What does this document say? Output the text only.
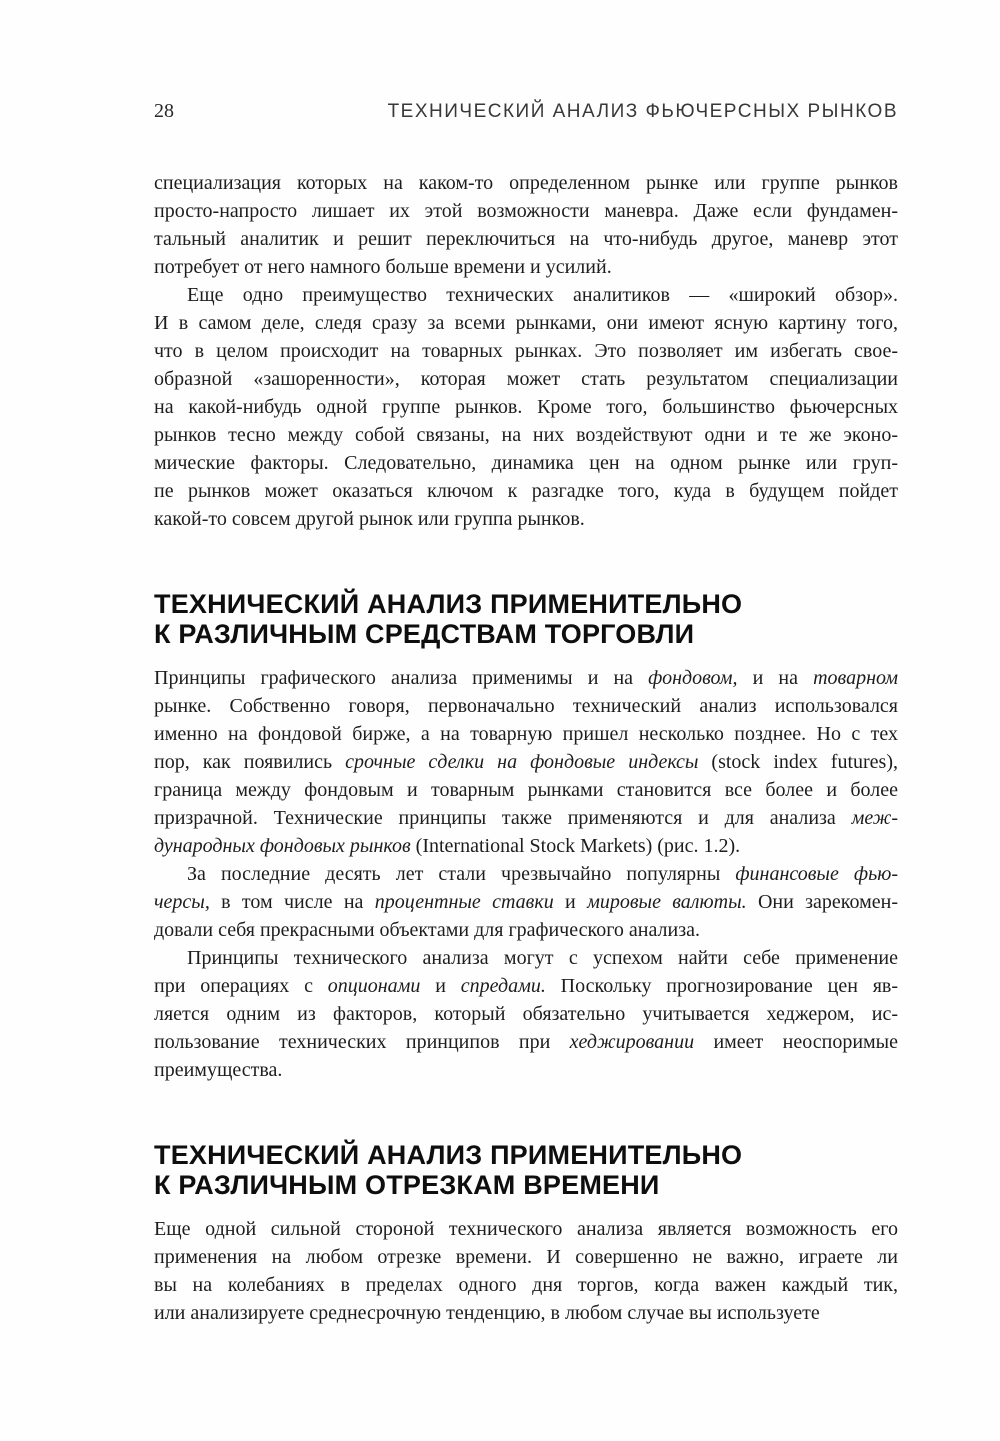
28	ТЕХНИЧЕСКИЙ АНАЛИЗ ФЬЮЧЕРСНЫХ РЫНКОВ
специализация которых на каком-то определенном рынке или группе рынков
просто-напросто лишает их этой возможности маневра. Даже если фундамен-
тальный аналитик и решит переключиться на что-нибудь другое, маневр этот
потребует от него намного больше времени и усилий.
Еще одно преимущество технических аналитиков — «широкий обзор».
И в самом деле, следя сразу за всеми рынками, они имеют ясную картину того,
что в целом происходит на товарных рынках. Это позволяет им избегать свое-
образной «зашоренности», которая может стать результатом специализации
на какой-нибудь одной группе рынков. Кроме того, большинство фьючерсных
рынков тесно между собой связаны, на них воздействуют одни и те же эконо-
мические факторы. Следовательно, динамика цен на одном рынке или груп-
пе рынков может оказаться ключом к разгадке того, куда в будущем пойдет
какой-то совсем другой рынок или группа рынков.
ТЕХНИЧЕСКИЙ АНАЛИЗ ПРИМЕНИТЕЛЬНО
К РАЗЛИЧНЫМ СРЕДСТВАМ ТОРГОВЛИ
Принципы графического анализа применимы и на фондовом, и на товарном
рынке. Собственно говоря, первоначально технический анализ использовался
именно на фондовой бирже, а на товарную пришел несколько позднее. Но с тех
пор, как появились срочные сделки на фондовые индексы (stock index futures),
граница между фондовым и товарным рынками становится все более и более
призрачной. Технические принципы также применяются и для анализа меж-
дународных фондовых рынков (International Stock Markets) (рис. 1.2).
За последние десять лет стали чрезвычайно популярны финансовые фью-
черсы, в том числе на процентные ставки и мировые валюты. Они зарекомен-
довали себя прекрасными объектами для графического анализа.
Принципы технического анализа могут с успехом найти себе применение
при операциях с опционами и спредами. Поскольку прогнозирование цен яв-
ляется одним из факторов, который обязательно учитывается хеджером, ис-
пользование технических принципов при хеджировании имеет неоспоримые
преимущества.
ТЕХНИЧЕСКИЙ АНАЛИЗ ПРИМЕНИТЕЛЬНО
К РАЗЛИЧНЫМ ОТРЕЗКАМ ВРЕМЕНИ
Еще одной сильной стороной технического анализа является возможность его
применения на любом отрезке времени. И совершенно не важно, играете ли
вы на колебаниях в пределах одного дня торгов, когда важен каждый тик,
или анализируете среднесрочную тенденцию, в любом случае вы используете
